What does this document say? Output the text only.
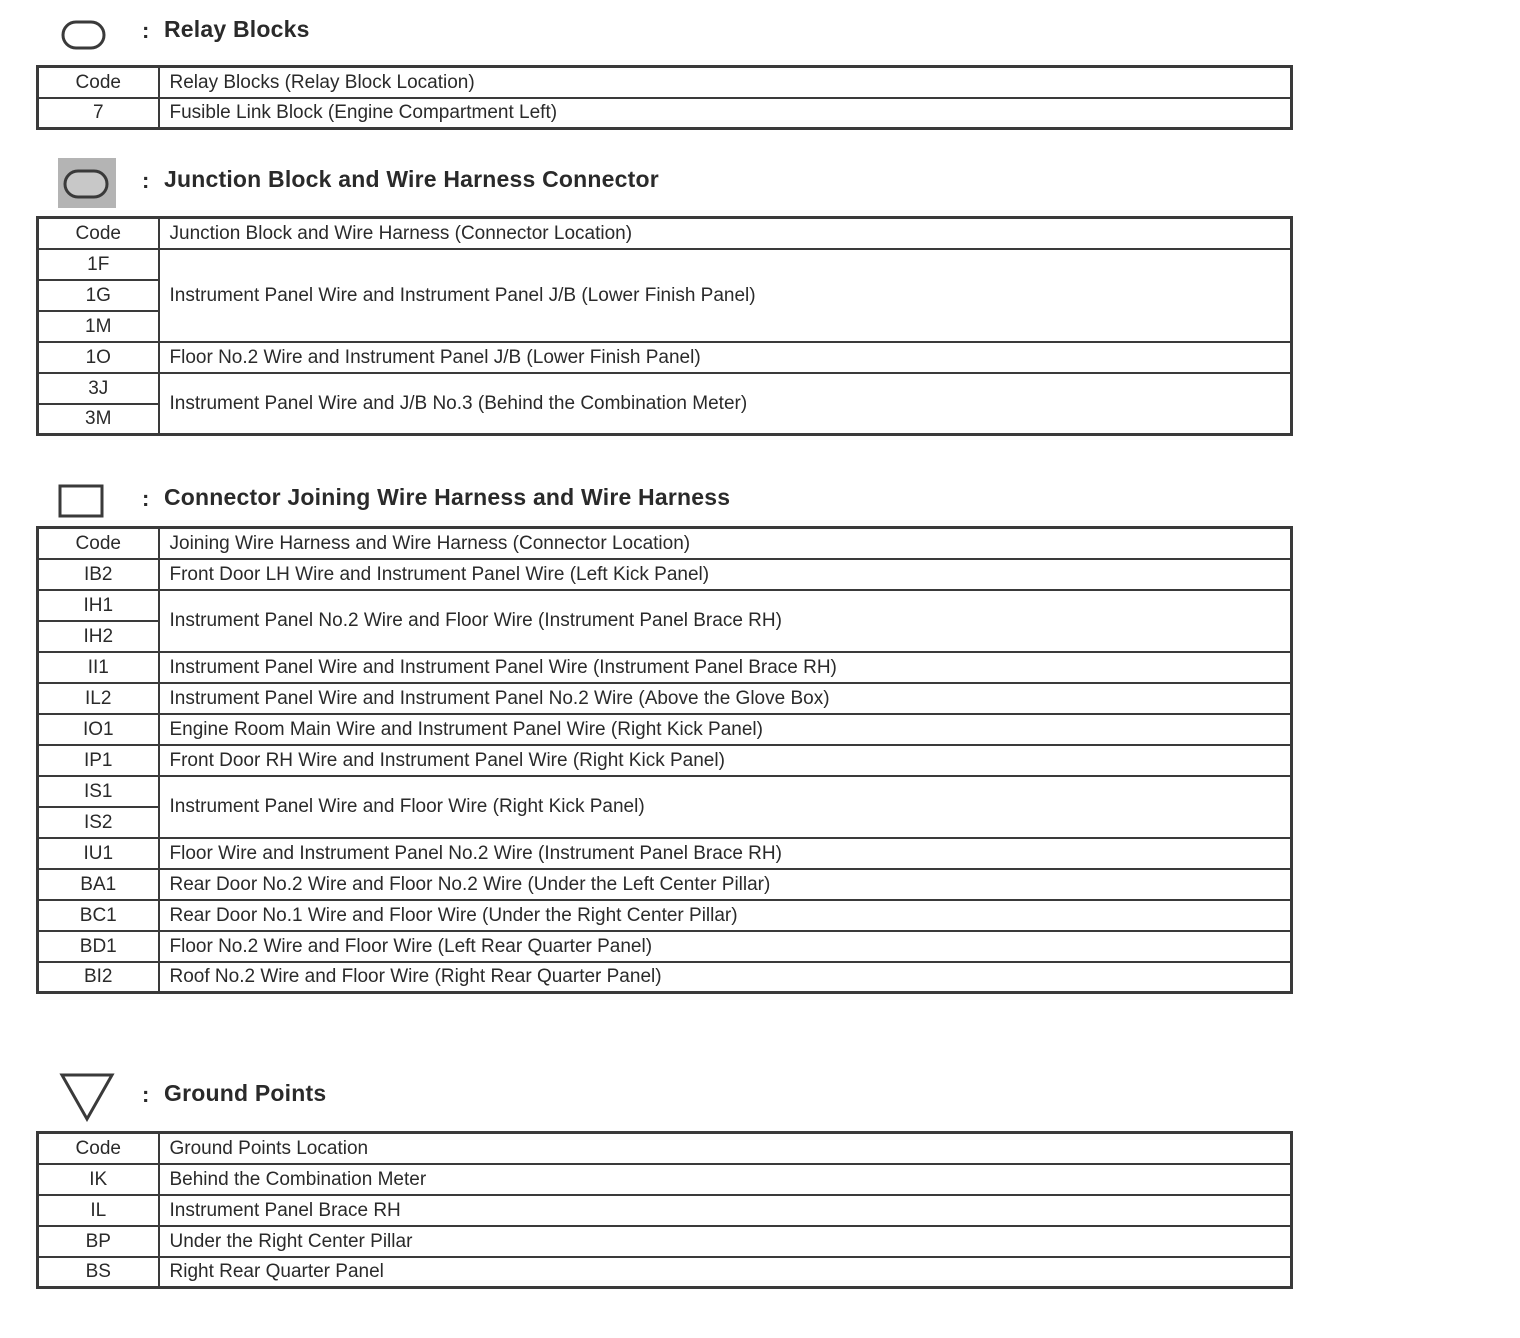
: Relay Blocks
Code	Relay Blocks (Relay Block Location)
7	Fusible Link Block (Engine Compartment Left)
: Junction Block and Wire Harness Connector
Code	Junction Block and Wire Harness (Connector Location)
1F	Instrument Panel Wire and Instrument Panel J/B (Lower Finish Panel)
1G	
1M	
1O	Floor No.2 Wire and Instrument Panel J/B (Lower Finish Panel)
3J	Instrument Panel Wire and J/B No.3 (Behind the Combination Meter)
3M	
: Connector Joining Wire Harness and Wire Harness
Code	Joining Wire Harness and Wire Harness (Connector Location)
IB2	Front Door LH Wire and Instrument Panel Wire (Left Kick Panel)
IH1	Instrument Panel No.2 Wire and Floor Wire (Instrument Panel Brace RH)
IH2	
II1	Instrument Panel Wire and Instrument Panel Wire (Instrument Panel Brace RH)
IL2	Instrument Panel Wire and Instrument Panel No.2 Wire (Above the Glove Box)
IO1	Engine Room Main Wire and Instrument Panel Wire (Right Kick Panel)
IP1	Front Door RH Wire and Instrument Panel Wire (Right Kick Panel)
IS1	Instrument Panel Wire and Floor Wire (Right Kick Panel)
IS2	
IU1	Floor Wire and Instrument Panel No.2 Wire (Instrument Panel Brace RH)
BA1	Rear Door No.2 Wire and Floor No.2 Wire (Under the Left Center Pillar)
BC1	Rear Door No.1 Wire and Floor Wire (Under the Right Center Pillar)
BD1	Floor No.2 Wire and Floor Wire (Left Rear Quarter Panel)
BI2	Roof No.2 Wire and Floor Wire (Right Rear Quarter Panel)
: Ground Points
Code	Ground Points Location
IK	Behind the Combination Meter
IL	Instrument Panel Brace RH
BP	Under the Right Center Pillar
BS	Right Rear Quarter Panel
